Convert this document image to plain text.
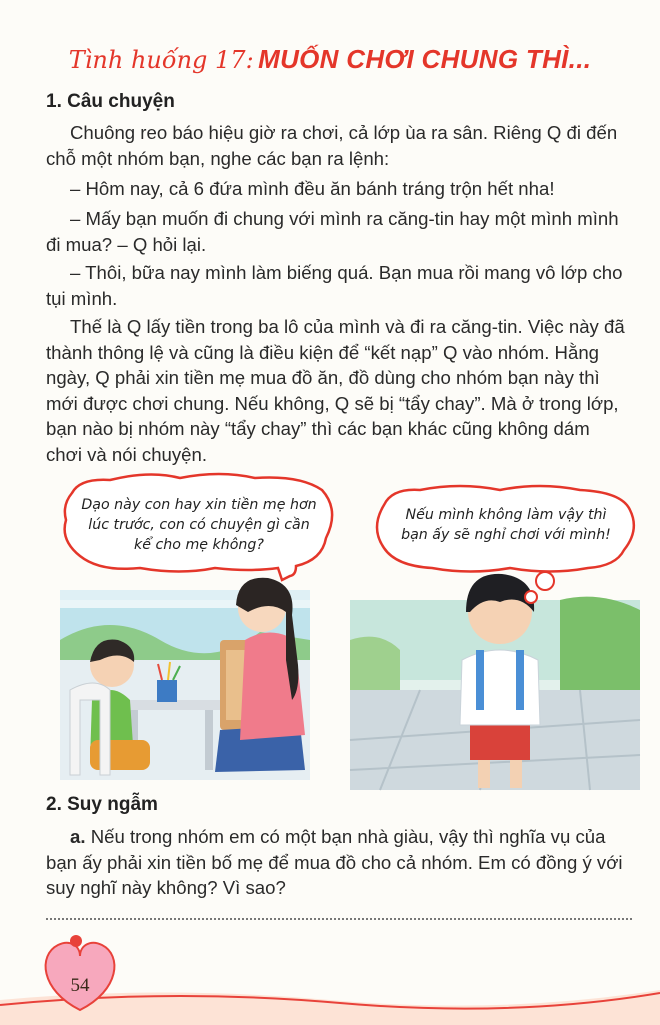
Tình huống 17: MUỐN CHƠI CHUNG THÌ...
1. Câu chuyện

Chuông reo báo hiệu giờ ra chơi, cả lớp ùa ra sân. Riêng Q đi đến chỗ một nhóm bạn, nghe các bạn ra lệnh:

– Hôm nay, cả 6 đứa mình đều ăn bánh tráng trộn hết nha!

– Mấy bạn muốn đi chung với mình ra căng-tin hay một mình mình đi mua? – Q hỏi lại.

– Thôi, bữa nay mình làm biếng quá. Bạn mua rồi mang vô lớp cho tụi mình.

Thế là Q lấy tiền trong ba lô của mình và đi ra căng-tin. Việc này đã thành thông lệ và cũng là điều kiện để “kết nạp” Q vào nhóm. Hằng ngày, Q phải xin tiền mẹ mua đồ ăn, đồ dùng cho nhóm bạn này thì mới được chơi chung. Nếu không, Q sẽ bị “tẩy chay”. Mà ở trong lớp, bạn nào bị nhóm này “tẩy chay” thì các bạn khác cũng không dám chơi và nói chuyện.

Dạo này con hay xin tiền mẹ hơn lúc trước, con có chuyện gì cần kể cho mẹ không?
Nếu mình không làm vậy thì bạn ấy sẽ nghỉ chơi với mình!
2. Suy ngẫm

a. Nếu trong nhóm em có một bạn nhà giàu, vậy thì nghĩa vụ của bạn ấy phải xin tiền bố mẹ để mua đồ cho cả nhóm. Em có đồng ý với suy nghĩ này không? Vì sao?

54
